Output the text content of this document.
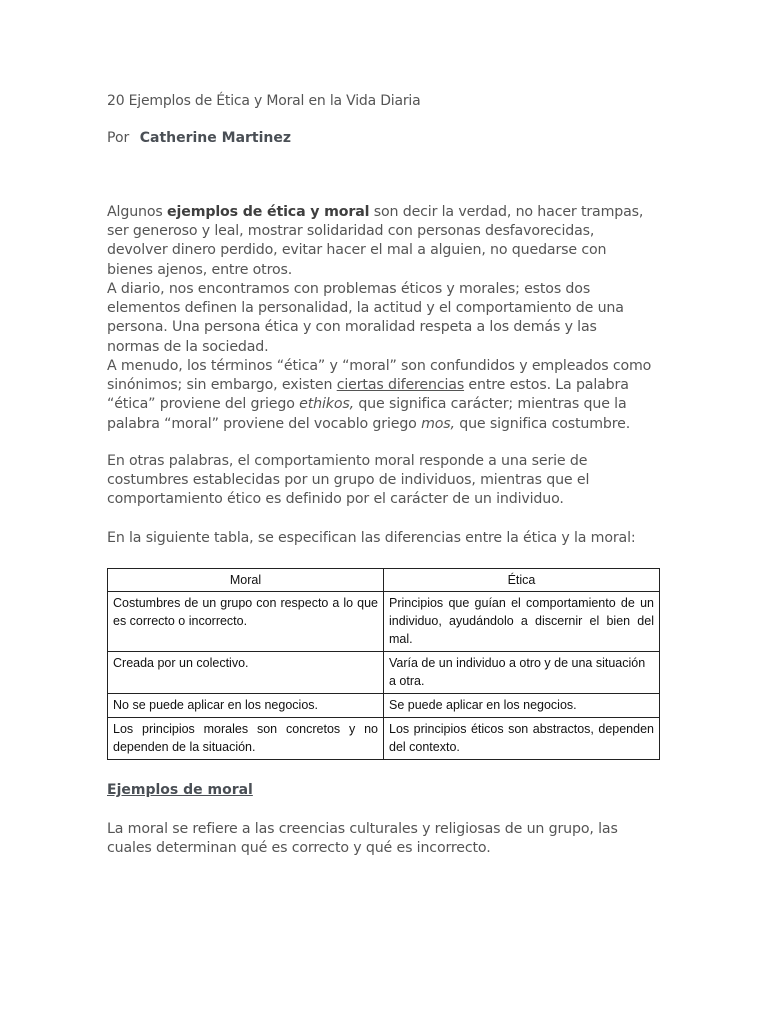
20 Ejemplos de Ética y Moral en la Vida Diaria
Por Catherine Martinez

Algunos ejemplos de ética y moral son decir la verdad, no hacer trampas, ser generoso y leal, mostrar solidaridad con personas desfavorecidas, devolver dinero perdido, evitar hacer el mal a alguien, no quedarse con bienes ajenos, entre otros.

A diario, nos encontramos con problemas éticos y morales; estos dos elementos definen la personalidad, la actitud y el comportamiento de una persona. Una persona ética y con moralidad respeta a los demás y las normas de la sociedad.

A menudo, los términos “ética” y “moral” son confundidos y empleados como sinónimos; sin embargo, existen ciertas diferencias entre estos. La palabra “ética” proviene del griego ethikos, que significa carácter; mientras que la palabra “moral” proviene del vocablo griego mos, que significa costumbre.

En otras palabras, el comportamiento moral responde a una serie de costumbres establecidas por un grupo de individuos, mientras que el comportamiento ético es definido por el carácter de un individuo.

En la siguiente tabla, se especifican las diferencias entre la ética y la moral:

Moral	Ética
Costumbres de un grupo con respecto a lo que es correcto o incorrecto.	Principios que guían el comportamiento de un individuo, ayudándolo a discernir el bien del mal.
Creada por un colectivo.	Varía de un individuo a otro y de una situación a otra.
No se puede aplicar en los negocios.	Se puede aplicar en los negocios.
Los principios morales son concretos y no dependen de la situación.	Los principios éticos son abstractos, dependen del contexto.
Ejemplos de moral

La moral se refiere a las creencias culturales y religiosas de un grupo, las cuales determinan qué es correcto y qué es incorrecto.
